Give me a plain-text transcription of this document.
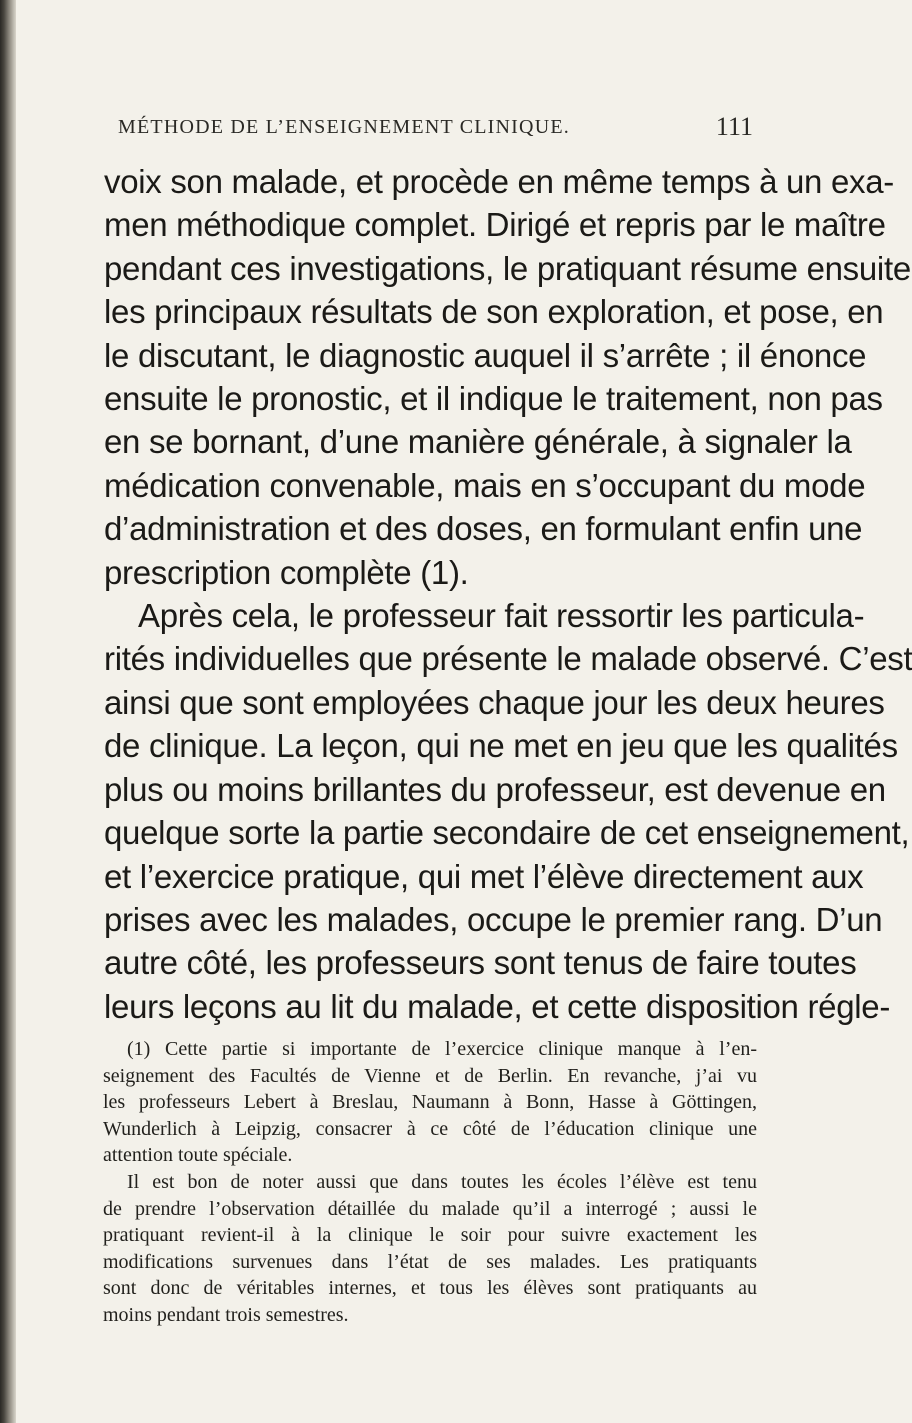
MÉTHODE DE L’ENSEIGNEMENT CLINIQUE.	111
voix son malade, et procède en même temps à un exa-
men méthodique complet. Dirigé et repris par le maître
pendant ces investigations, le pratiquant résume ensuite
les principaux résultats de son exploration, et pose, en
le discutant, le diagnostic auquel il s’arrête ; il énonce
ensuite le pronostic, et il indique le traitement, non pas
en se bornant, d’une manière générale, à signaler la
médication convenable, mais en s’occupant du mode
d’administration et des doses, en formulant enfin une
prescription complète (1).
Après cela, le professeur fait ressortir les particula-
rités individuelles que présente le malade observé. C’est
ainsi que sont employées chaque jour les deux heures
de clinique. La leçon, qui ne met en jeu que les qualités
plus ou moins brillantes du professeur, est devenue en
quelque sorte la partie secondaire de cet enseignement,
et l’exercice pratique, qui met l’élève directement aux
prises avec les malades, occupe le premier rang. D’un
autre côté, les professeurs sont tenus de faire toutes
leurs leçons au lit du malade, et cette disposition régle-
(1) Cette partie si importante de l’exercice clinique manque à l’en-
seignement des Facultés de Vienne et de Berlin. En revanche, j’ai vu
les professeurs Lebert à Breslau, Naumann à Bonn, Hasse à Göttingen,
Wunderlich à Leipzig, consacrer à ce côté de l’éducation clinique une
attention toute spéciale.
Il est bon de noter aussi que dans toutes les écoles l’élève est tenu
de prendre l’observation détaillée du malade qu’il a interrogé ; aussi le
pratiquant revient-il à la clinique le soir pour suivre exactement les
modifications survenues dans l’état de ses malades. Les pratiquants
sont donc de véritables internes, et tous les élèves sont pratiquants au
moins pendant trois semestres.
